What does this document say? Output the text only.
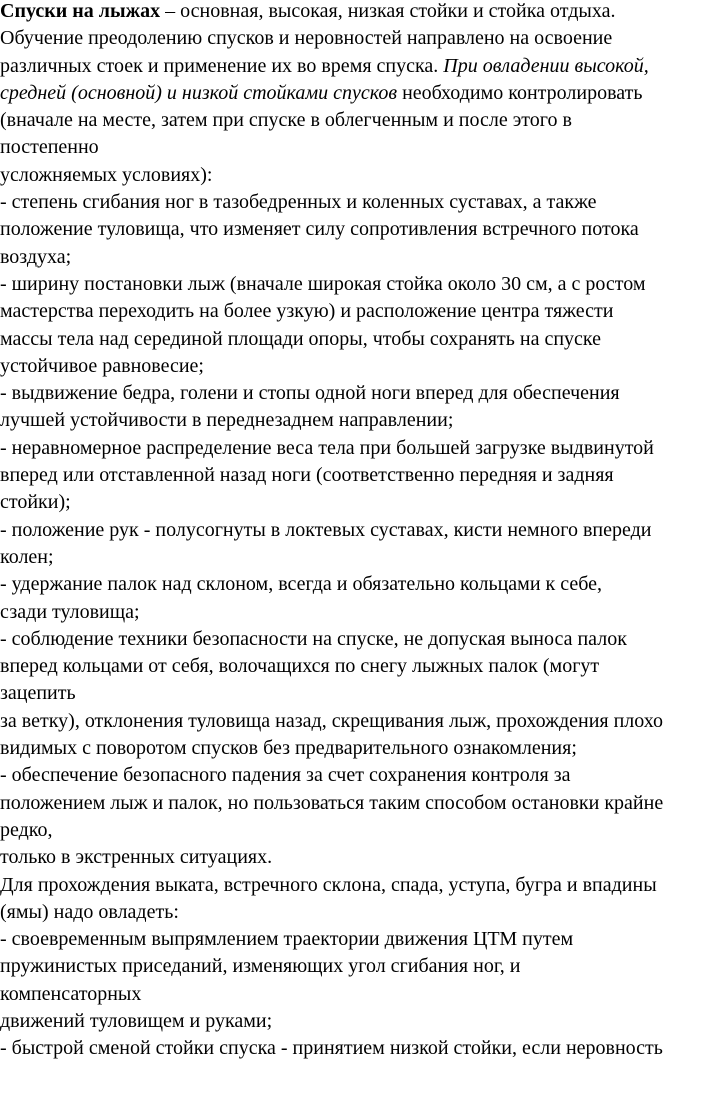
Спуски на лыжах – основная, высокая, низкая стойки и стойка отдыха.
Обучение преодолению спусков и неровностей направлено на освоение
различных стоек и применение их во время спуска. При овладении высокой,
средней (основной) и низкой стойками спусков необходимо контролировать
(вначале на месте, затем при спуске в облегченным и после этого в
постепенно
усложняемых условиях):
- степень сгибания ног в тазобедренных и коленных суставах, а также
положение туловища, что изменяет силу сопротивления встречного потока
воздуха;
- ширину постановки лыж (вначале широкая стойка около 30 см, а с ростом
мастерства переходить на более узкую) и расположение центра тяжести
массы тела над серединой площади опоры, чтобы сохранять на спуске
устойчивое равновесие;
- выдвижение бедра, голени и стопы одной ноги вперед для обеспечения
лучшей устойчивости в переднезаднем направлении;
- неравномерное распределение веса тела при большей загрузке выдвинутой
вперед или отставленной назад ноги (соответственно передняя и задняя
стойки);
- положение рук - полусогнуты в локтевых суставах, кисти немного впереди
колен;
- удержание палок над склоном, всегда и обязательно кольцами к себе,
сзади туловища;
- соблюдение техники безопасности на спуске, не допуская выноса палок
вперед кольцами от себя, волочащихся по снегу лыжных палок (могут
зацепить
за ветку), отклонения туловища назад, скрещивания лыж, прохождения плохо
видимых с поворотом спусков без предварительного ознакомления;
- обеспечение безопасного падения за счет сохранения контроля за
положением лыж и палок, но пользоваться таким способом остановки крайне
редко,
только в экстренных ситуациях.
Для прохождения выката, встречного склона, спада, уступа, бугра и впадины
(ямы) надо овладеть:
- своевременным выпрямлением траектории движения ЦТМ путем
пружинистых приседаний, изменяющих угол сгибания ног, и
компенсаторных
движений туловищем и руками;
- быстрой сменой стойки спуска - принятием низкой стойки, если неровность
